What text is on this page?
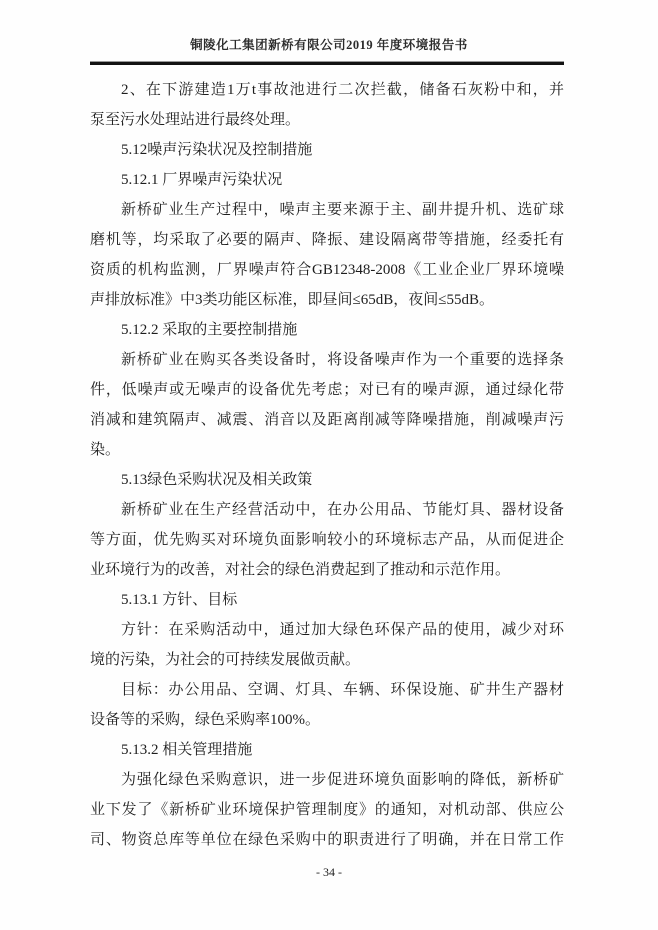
铜陵化工集团新桥有限公司2019 年度环境报告书
2、在下游建造1万t事故池进行二次拦截，储备石灰粉中和，并
泵至污水处理站进行最终处理。
5.12噪声污染状况及控制措施
5.12.1 厂界噪声污染状况
新桥矿业生产过程中，噪声主要来源于主、副井提升机、选矿球
磨机等，均采取了必要的隔声、降振、建设隔离带等措施，经委托有
资质的机构监测，厂界噪声符合GB12348-2008《工业企业厂界环境噪
声排放标准》中3类功能区标准，即昼间≤65dB，夜间≤55dB。
5.12.2 采取的主要控制措施
新桥矿业在购买各类设备时，将设备噪声作为一个重要的选择条
件，低噪声或无噪声的设备优先考虑；对已有的噪声源，通过绿化带
消减和建筑隔声、减震、消音以及距离削减等降噪措施，削减噪声污
染。
5.13绿色采购状况及相关政策
新桥矿业在生产经营活动中，在办公用品、节能灯具、器材设备
等方面，优先购买对环境负面影响较小的环境标志产品，从而促进企
业环境行为的改善，对社会的绿色消费起到了推动和示范作用。
5.13.1 方针、目标
方针：在采购活动中，通过加大绿色环保产品的使用，减少对环
境的污染，为社会的可持续发展做贡献。
目标：办公用品、空调、灯具、车辆、环保设施、矿井生产器材
设备等的采购，绿色采购率100%。
5.13.2 相关管理措施
为强化绿色采购意识，进一步促进环境负面影响的降低，新桥矿
业下发了《新桥矿业环境保护管理制度》的通知，对机动部、供应公
司、物资总库等单位在绿色采购中的职责进行了明确，并在日常工作
- 34 -
